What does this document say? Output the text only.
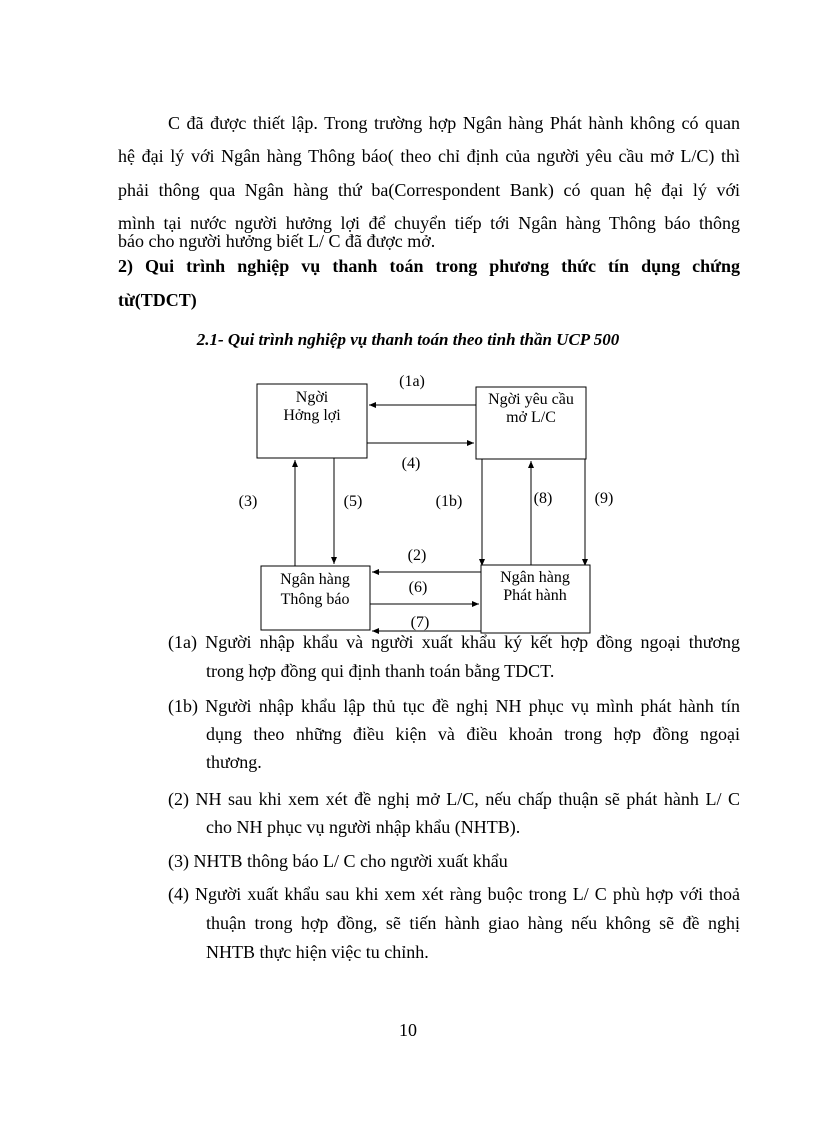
C đã được thiết lập. Trong trường hợp Ngân hàng Phát hành không có quan
hệ đại lý với Ngân hàng Thông báo( theo chỉ định của người yêu cầu mở L/C) thì
phải thông qua Ngân hàng thứ ba(Correspondent Bank) có quan hệ đại lý với
mình tại nước người hưởng lợi để chuyển tiếp tới Ngân hàng Thông báo thông
báo cho người hưởng biết L/ C đã được mở.
2) Qui trình nghiệp vụ thanh toán trong phương thức tín dụng chứng
từ(TDCT)
2.1- Qui trình nghiệp vụ thanh toán theo tinh thần UCP 500
Ngời
Hởng lợi
Ngời yêu cầu
mở L/C
(1a)
(4)
(3)	(5)	(1b)	(8)	(9)
(2)
(6)
Ngân hàng
Thông báo
Ngân hàng
Phát hành
(7)
(1a) Người nhập khẩu và người xuất khẩu ký kết hợp đồng ngoại thương
trong hợp đồng qui định thanh toán bằng TDCT.
(1b) Người nhập khẩu lập thủ tục đề nghị NH phục vụ mình phát hành tín
dụng theo những điều kiện và điều khoản trong hợp đồng ngoại
thương.
(2) NH sau khi xem xét đề nghị mở L/C, nếu chấp thuận sẽ phát hành L/ C
cho NH phục vụ người nhập khẩu (NHTB).
(3) NHTB thông báo L/ C cho người xuất khẩu
(4) Người xuất khẩu sau khi xem xét ràng buộc trong L/ C phù hợp với thoả
thuận trong hợp đồng, sẽ tiến hành giao hàng nếu không sẽ đề nghị
NHTB thực hiện việc tu chỉnh.
10
